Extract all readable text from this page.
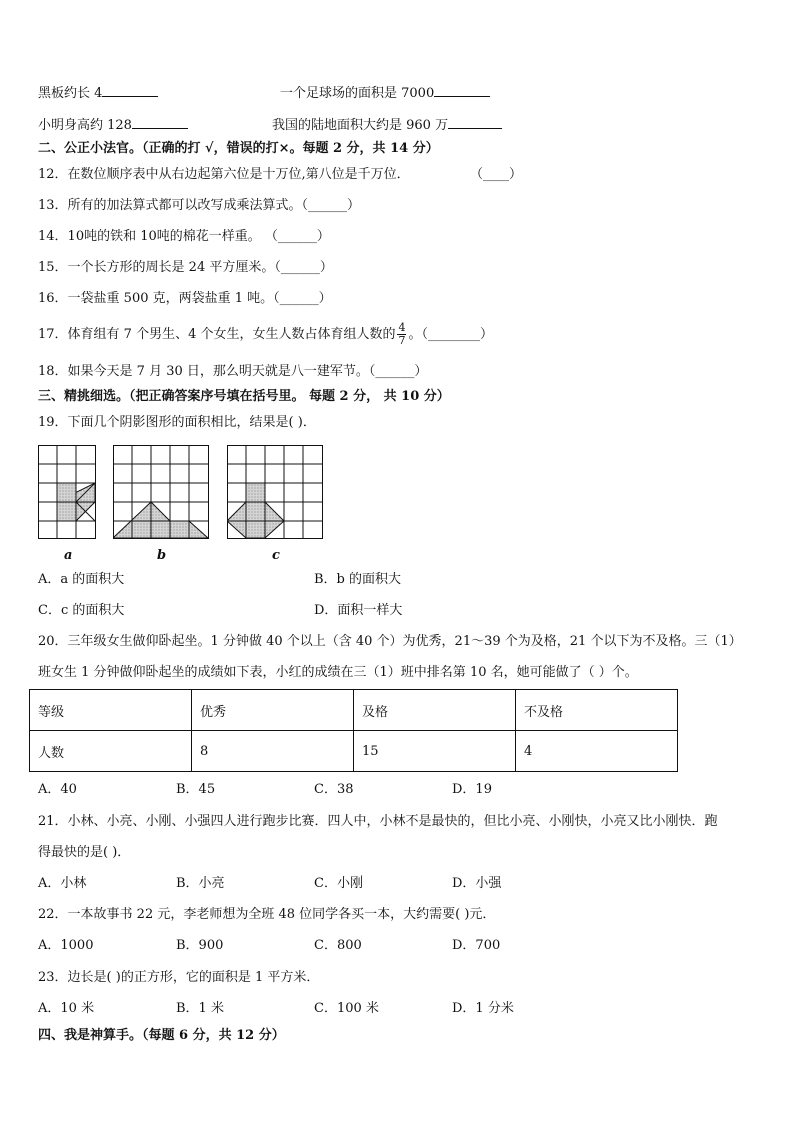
黑板约长 4	一个足球场的面积是 7000
小明身高约 128	我国的陆地面积大约是 960 万
二、公正小法官。（正确的打 √，错误的打×。每题 2 分，共 14 分）
12．在数位顺序表中从右边起第六位是十万位,第八位是千万位．	（____）
13．所有的加法算式都可以改写成乘法算式。（______）
14．10吨的铁和 10吨的棉花一样重。 （______）
15．一个长方形的周长是 24 平方厘米。（______）
16．一袋盐重 500 克，两袋盐重 1 吨。（______）
17．体育组有 7 个男生、4 个女生，女生人数占体育组人数的 $\frac{4}{7}$ 。（________）
18．如果今天是 7 月 30 日，那么明天就是八一建军节。（______）
三、精挑细选。（把正确答案序号填在括号里。 每题 2 分， 共 10 分）
19．下面几个阴影图形的面积相比，结果是( )．
a	b	c
A．a 的面积大	B．b 的面积大
C．c 的面积大	D．面积一样大
20．三年级女生做仰卧起坐。1 分钟做 40 个以上（含 40 个）为优秀，21～39 个为及格，21 个以下为不及格。三（1）
班女生 1 分钟做仰卧起坐的成绩如下表，小红的成绩在三（1）班中排名第 10 名，她可能做了（ ）个。
等级	优秀	及格	不及格
人数	8	15	4
A．40	B．45	C．38	D．19
21．小林、小亮、小刚、小强四人进行跑步比赛．四人中，小林不是最快的，但比小亮、小刚快，小亮又比小刚快．跑
得最快的是( )．
A．小林	B．小亮	C．小刚	D．小强
22．一本故事书 22 元，李老师想为全班 48 位同学各买一本，大约需要( )元．
A．1000	B．900	C．800	D．700
23．边长是( )的正方形，它的面积是 1 平方米．
A．10 米	B．1 米	C．100 米	D．1 分米
四、我是神算手。（每题 6 分，共 12 分）
